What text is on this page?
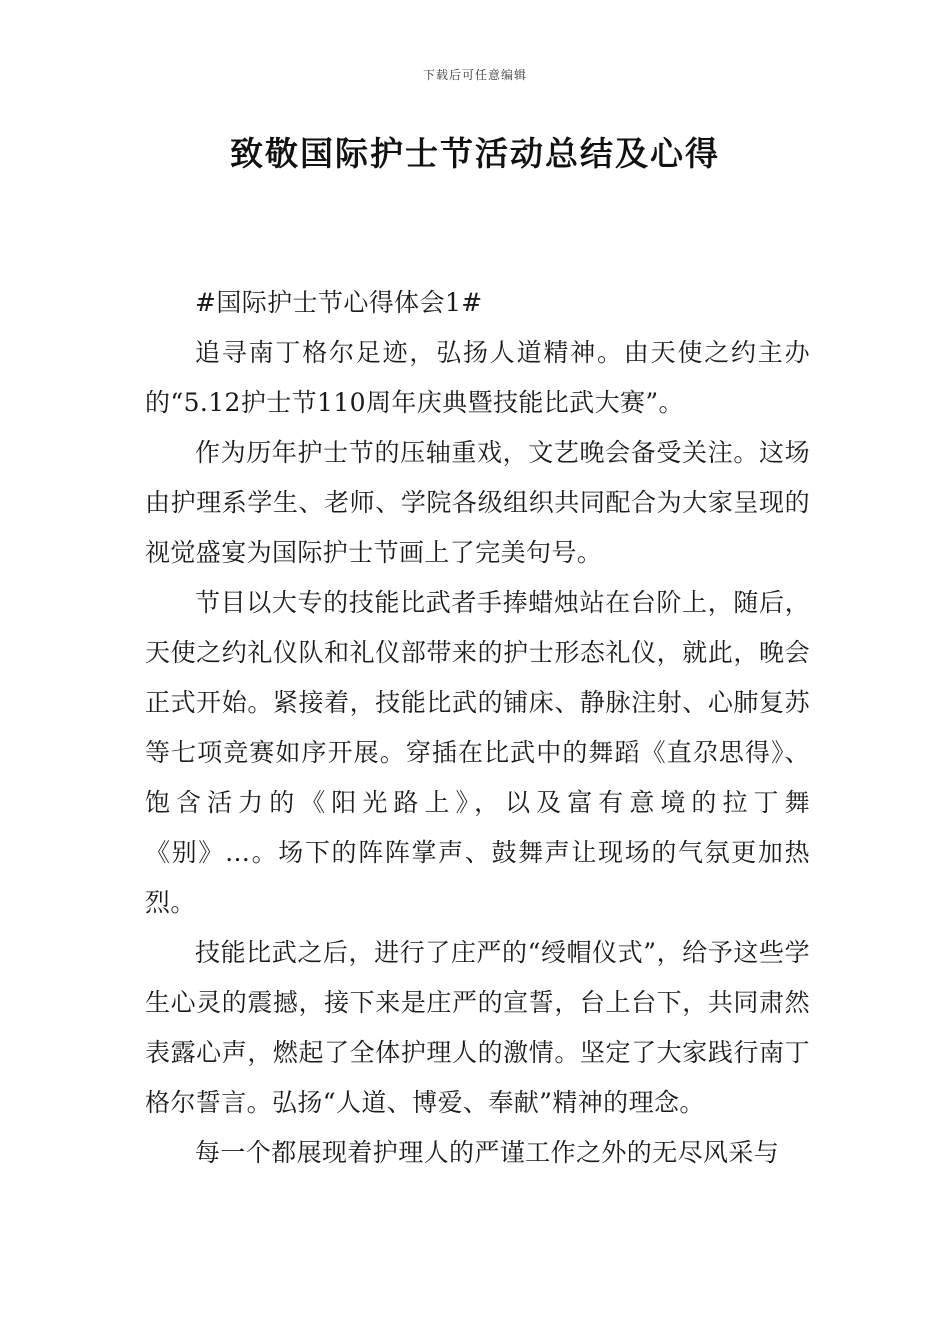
下载后可任意编辑
致敬国际护士节活动总结及心得

#国际护士节心得体会1#

追寻南丁格尔足迹，弘扬人道精神。由天使之约主办的“5.12护士节110周年庆典暨技能比武大赛”。

作为历年护士节的压轴重戏，文艺晚会备受关注。这场由护理系学生、老师、学院各级组织共同配合为大家呈现的视觉盛宴为国际护士节画上了完美句号。

节目以大专的技能比武者手捧蜡烛站在台阶上，随后，天使之约礼仪队和礼仪部带来的护士形态礼仪，就此，晚会正式开始。紧接着，技能比武的铺床、静脉注射、心肺复苏等七项竞赛如序开展。穿插在比武中的舞蹈《直尕思得》、饱含活力的《阳光路上》，以及富有意境的拉丁舞《别》…。场下的阵阵掌声、鼓舞声让现场的气氛更加热烈。

技能比武之后，进行了庄严的“绶帽仪式”，给予这些学生心灵的震撼，接下来是庄严的宣誓，台上台下，共同肃然表露心声，燃起了全体护理人的激情。坚定了大家践行南丁格尔誓言。弘扬“人道、博爱、奉献”精神的理念。

每一个都展现着护理人的严谨工作之外的无尽风采与
